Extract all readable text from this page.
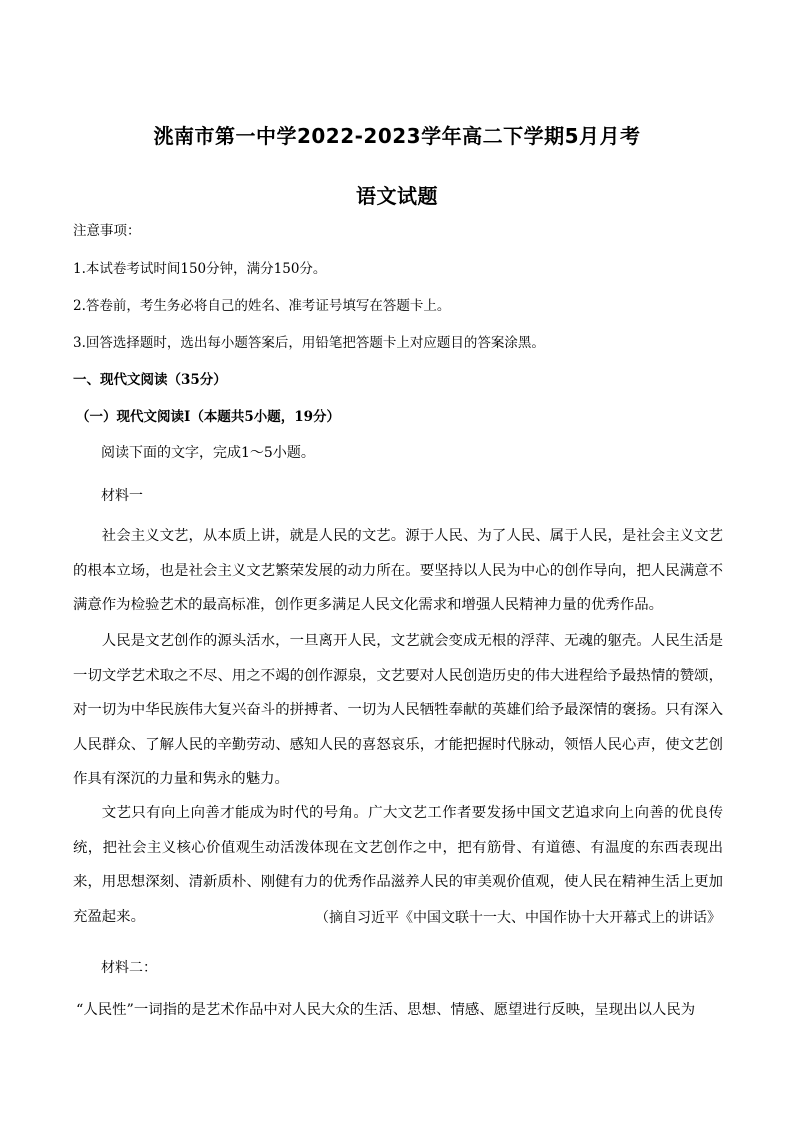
洮南市第一中学2022-2023学年高二下学期5月月考
语文试题
注意事项：
1.本试卷考试时间150分钟，满分150分。
2.答卷前，考生务必将自己的姓名、准考证号填写在答题卡上。
3.回答选择题时，选出每小题答案后，用铅笔把答题卡上对应题目的答案涂黑。
一、现代文阅读（35分）
（一）现代文阅读Ⅰ（本题共5小题，19分）
阅读下面的文字，完成1～5小题。
材料一
社会主义文艺，从本质上讲，就是人民的文艺。源于人民、为了人民、属于人民，是社会主义文艺的根本立场，也是社会主义文艺繁荣发展的动力所在。要坚持以人民为中心的创作导向，把人民满意不满意作为检验艺术的最高标准，创作更多满足人民文化需求和增强人民精神力量的优秀作品。
人民是文艺创作的源头活水，一旦离开人民，文艺就会变成无根的浮萍、无魂的躯壳。人民生活是一切文学艺术取之不尽、用之不竭的创作源泉，文艺要对人民创造历史的伟大进程给予最热情的赞颂，对一切为中华民族伟大复兴奋斗的拼搏者、一切为人民牺牲奉献的英雄们给予最深情的褒扬。只有深入人民群众、了解人民的辛勤劳动、感知人民的喜怒哀乐，才能把握时代脉动，领悟人民心声，使文艺创作具有深沉的力量和隽永的魅力。
文艺只有向上向善才能成为时代的号角。广大文艺工作者要发扬中国文艺追求向上向善的优良传统，把社会主义核心价值观生动活泼体现在文艺创作之中，把有筋骨、有道德、有温度的东西表现出来，用思想深刻、清新质朴、刚健有力的优秀作品滋养人民的审美观价值观，使人民在精神生活上更加充盈起来。	（摘自习近平《中国文联十一大、中国作协十大开幕式上的讲话》
材料二：
“人民性”一词指的是艺术作品中对人民大众的生活、思想、情感、愿望进行反映，呈现出以人民为
